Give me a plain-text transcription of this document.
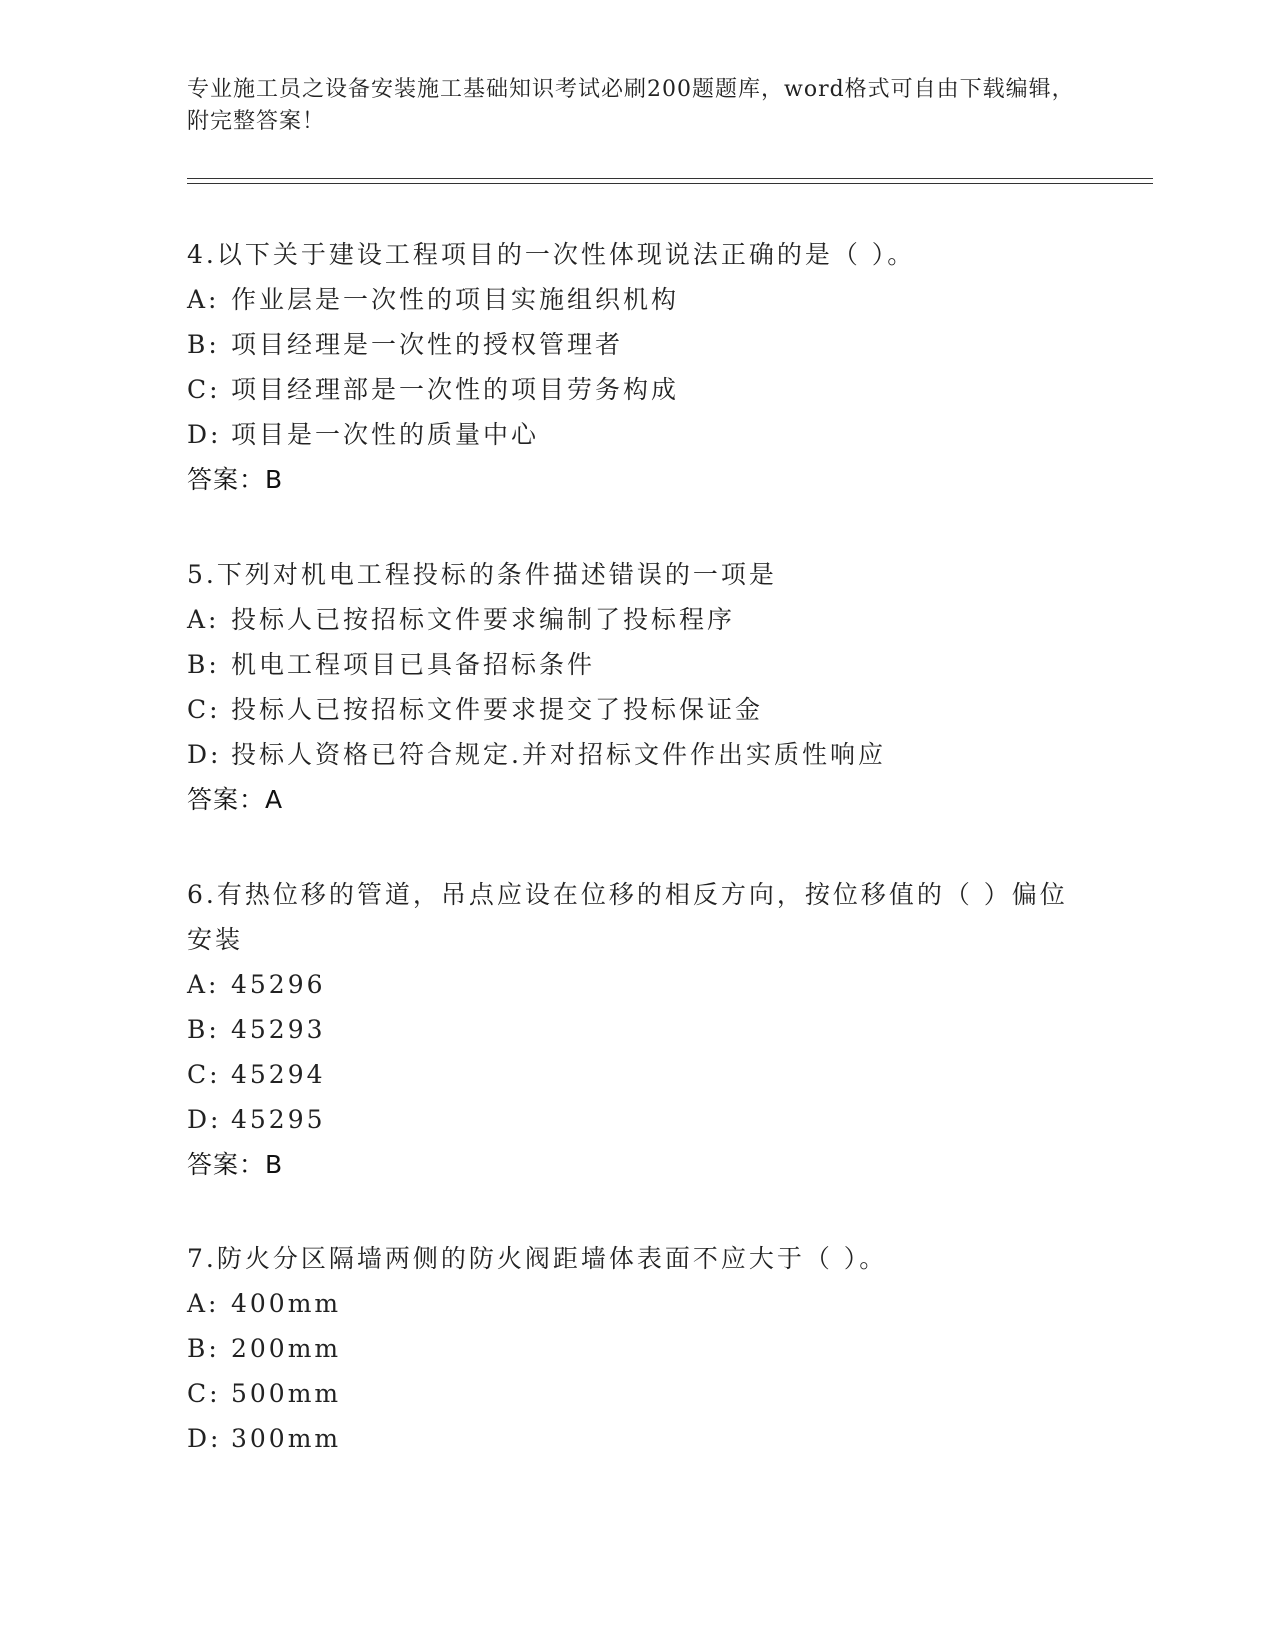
专业施工员之设备安装施工基础知识考试必刷200题题库，word格式可自由下载编辑，附完整答案！

4.以下关于建设工程项目的一次性体现说法正确的是（ ）。

A: 作业层是一次性的项目实施组织机构

B: 项目经理是一次性的授权管理者

C: 项目经理部是一次性的项目劳务构成

D: 项目是一次性的质量中心

答案：B

5.下列对机电工程投标的条件描述错误的一项是

A: 投标人已按招标文件要求编制了投标程序

B: 机电工程项目已具备招标条件

C: 投标人已按招标文件要求提交了投标保证金

D: 投标人资格已符合规定.并对招标文件作出实质性响应

答案：A

6.有热位移的管道，吊点应设在位移的相反方向，按位移值的（ ）偏位安装

A: 45296

B: 45293

C: 45294

D: 45295

答案：B

7.防火分区隔墙两侧的防火阀距墙体表面不应大于（ ）。

A: 400mm

B: 200mm

C: 500mm

D: 300mm
